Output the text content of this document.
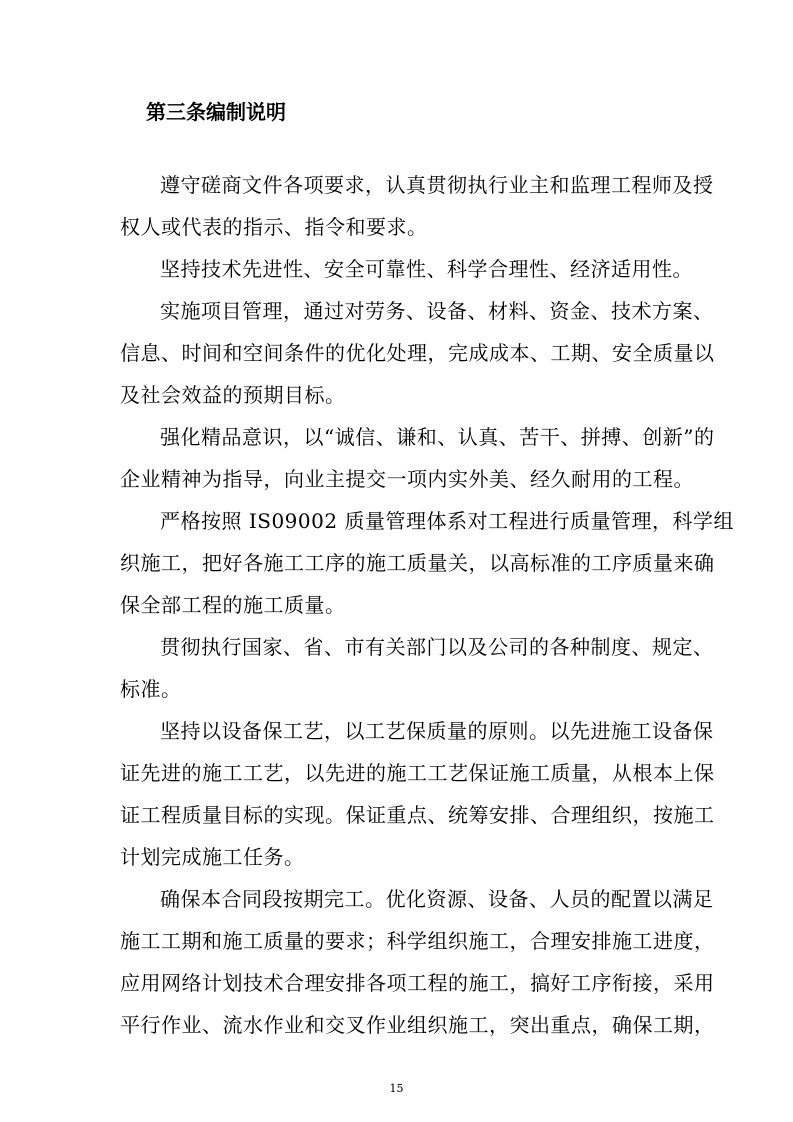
第三条编制说明

遵守磋商文件各项要求，认真贯彻执行业主和监理工程师及授
权人或代表的指示、指令和要求。

坚持技术先进性、安全可靠性、科学合理性、经济适用性。

实施项目管理，通过对劳务、设备、材料、资金、技术方案、
信息、时间和空间条件的优化处理，完成成本、工期、安全质量以
及社会效益的预期目标。

强化精品意识，以“诚信、谦和、认真、苦干、拼搏、创新”的
企业精神为指导，向业主提交一项内实外美、经久耐用的工程。

严格按照 IS09002 质量管理体系对工程进行质量管理，科学组
织施工，把好各施工工序的施工质量关，以高标准的工序质量来确
保全部工程的施工质量。

贯彻执行国家、省、市有关部门以及公司的各种制度、规定、
标准。

坚持以设备保工艺，以工艺保质量的原则。以先进施工设备保
证先进的施工工艺，以先进的施工工艺保证施工质量，从根本上保
证工程质量目标的实现。保证重点、统筹安排、合理组织，按施工
计划完成施工任务。

确保本合同段按期完工。优化资源、设备、人员的配置以满足
施工工期和施工质量的要求；科学组织施工，合理安排施工进度，
应用网络计划技术合理安排各项工程的施工，搞好工序衔接，采用
平行作业、流水作业和交叉作业组织施工，突出重点，确保工期，

15
